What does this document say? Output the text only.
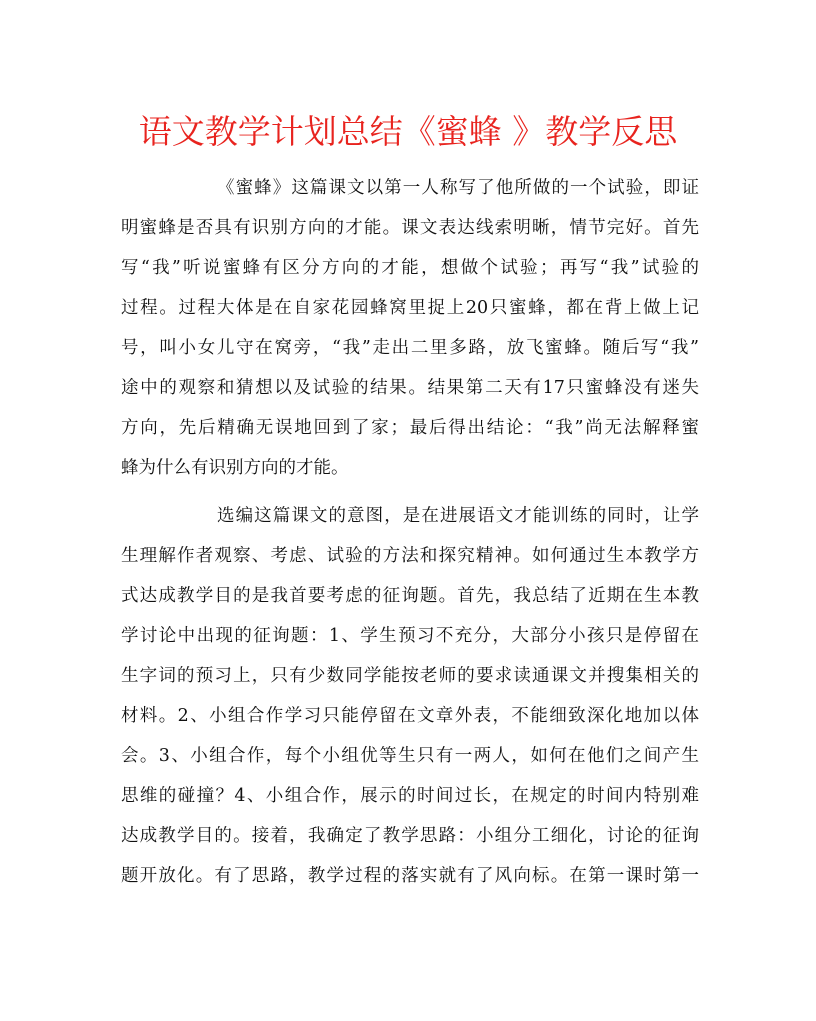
语文教学计划总结《蜜蜂 》教学反思
《蜜蜂》这篇课文以第一人称写了他所做的一个试验，即证
明蜜蜂是否具有识别方向的才能。课文表达线索明晰，情节完好。首先
写“我”听说蜜蜂有区分方向的才能，想做个试验；再写“我”试验的
过程。过程大体是在自家花园蜂窝里捉上20只蜜蜂，都在背上做上记
号，叫小女儿守在窝旁，“我”走出二里多路，放飞蜜蜂。随后写“我”
途中的观察和猜想以及试验的结果。结果第二天有17只蜜蜂没有迷失
方向，先后精确无误地回到了家；最后得出结论：“我”尚无法解释蜜
蜂为什么有识别方向的才能。
选编这篇课文的意图，是在进展语文才能训练的同时，让学
生理解作者观察、考虑、试验的方法和探究精神。如何通过生本教学方
式达成教学目的是我首要考虑的征询题。首先，我总结了近期在生本教
学讨论中出现的征询题：1、学生预习不充分，大部分小孩只是停留在
生字词的预习上，只有少数同学能按老师的要求读通课文并搜集相关的
材料。2、小组合作学习只能停留在文章外表，不能细致深化地加以体
会。3、小组合作，每个小组优等生只有一两人，如何在他们之间产生
思维的碰撞？4、小组合作，展示的时间过长，在规定的时间内特别难
达成教学目的。接着，我确定了教学思路：小组分工细化，讨论的征询
题开放化。有了思路，教学过程的落实就有了风向标。在第一课时第一
